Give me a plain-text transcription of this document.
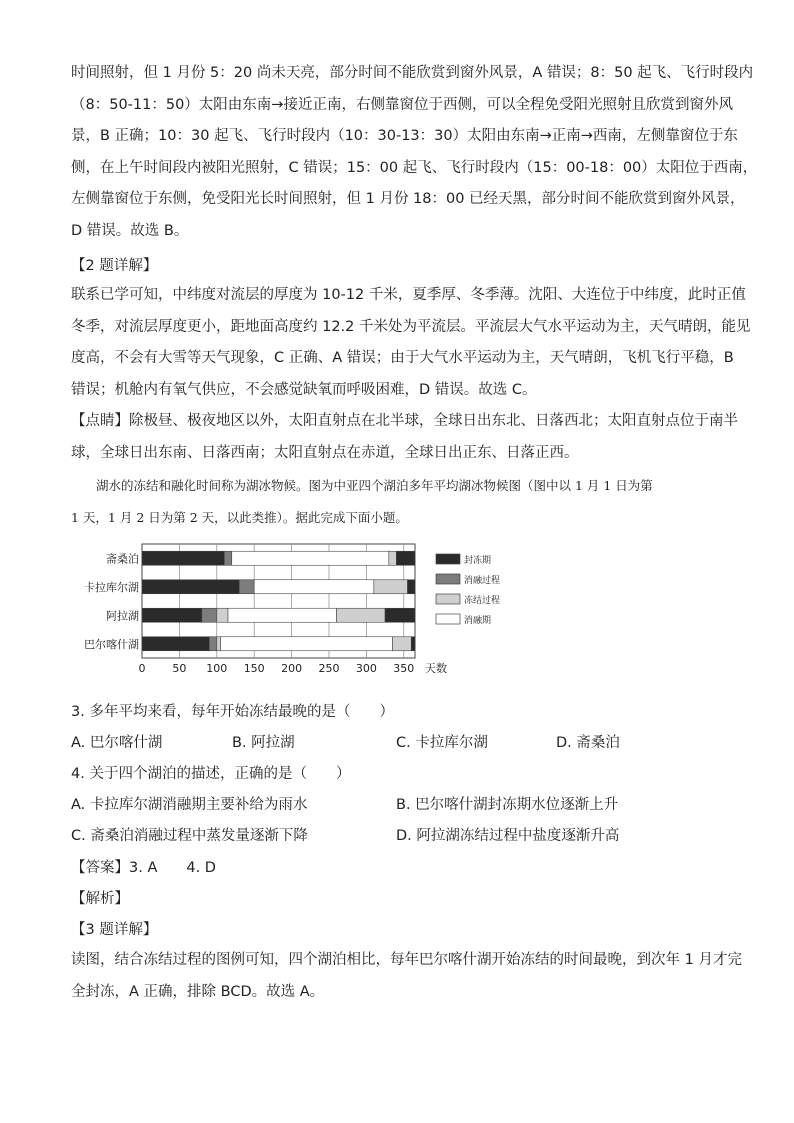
时间照射，但 1 月份 5：20 尚未天亮，部分时间不能欣赏到窗外风景，A 错误；8：50 起飞、飞行时段内
（8：50-11：50）太阳由东南→接近正南，右侧靠窗位于西侧，可以全程免受阳光照射且欣赏到窗外风
景，B 正确；10：30 起飞、飞行时段内（10：30-13：30）太阳由东南→正南→西南，左侧靠窗位于东
侧，在上午时间段内被阳光照射，C 错误；15：00 起飞、飞行时段内（15：00-18：00）太阳位于西南，
左侧靠窗位于东侧，免受阳光长时间照射，但 1 月份 18：00 已经天黑，部分时间不能欣赏到窗外风景，
D 错误。故选 B。
【2 题详解】
联系已学可知，中纬度对流层的厚度为 10-12 千米，夏季厚、冬季薄。沈阳、大连位于中纬度，此时正值
冬季，对流层厚度更小，距地面高度约 12.2 千米处为平流层。平流层大气水平运动为主，天气晴朗，能见
度高，不会有大雪等天气现象，C 正确、A 错误；由于大气水平运动为主，天气晴朗，飞机飞行平稳，B
错误；机舱内有氧气供应，不会感觉缺氧而呼吸困难，D 错误。故选 C。
【点睛】除极昼、极夜地区以外，太阳直射点在北半球，全球日出东北、日落西北；太阳直射点位于南半
球，全球日出东南、日落西南；太阳直射点在赤道，全球日出正东、日落正西。
湖水的冻结和融化时间称为湖冰物候。图为中亚四个湖泊多年平均湖冰物候图（图中以 1 月 1 日为第
1 天，1 月 2 日为第 2 天，以此类推）。据此完成下面小题。
0 50 100 150 200 250 300 350 天数
斋桑泊
卡拉库尔湖
阿拉湖
巴尔喀什湖
封冻期
消融过程
冻结过程
消融期
3. 多年平均来看，每年开始冻结最晚的是（　　）
A. 巴尔喀什湖	B. 阿拉湖	C. 卡拉库尔湖	D. 斋桑泊
4. 关于四个湖泊的描述，正确的是（　　）
A. 卡拉库尔湖消融期主要补给为雨水	B. 巴尔喀什湖封冻期水位逐渐上升
C. 斋桑泊消融过程中蒸发量逐渐下降	D. 阿拉湖冻结过程中盐度逐渐升高
【答案】3. A　　4. D
【解析】
【3 题详解】
读图，结合冻结过程的图例可知，四个湖泊相比，每年巴尔喀什湖开始冻结的时间最晚，到次年 1 月才完
全封冻，A 正确，排除 BCD。故选 A。
